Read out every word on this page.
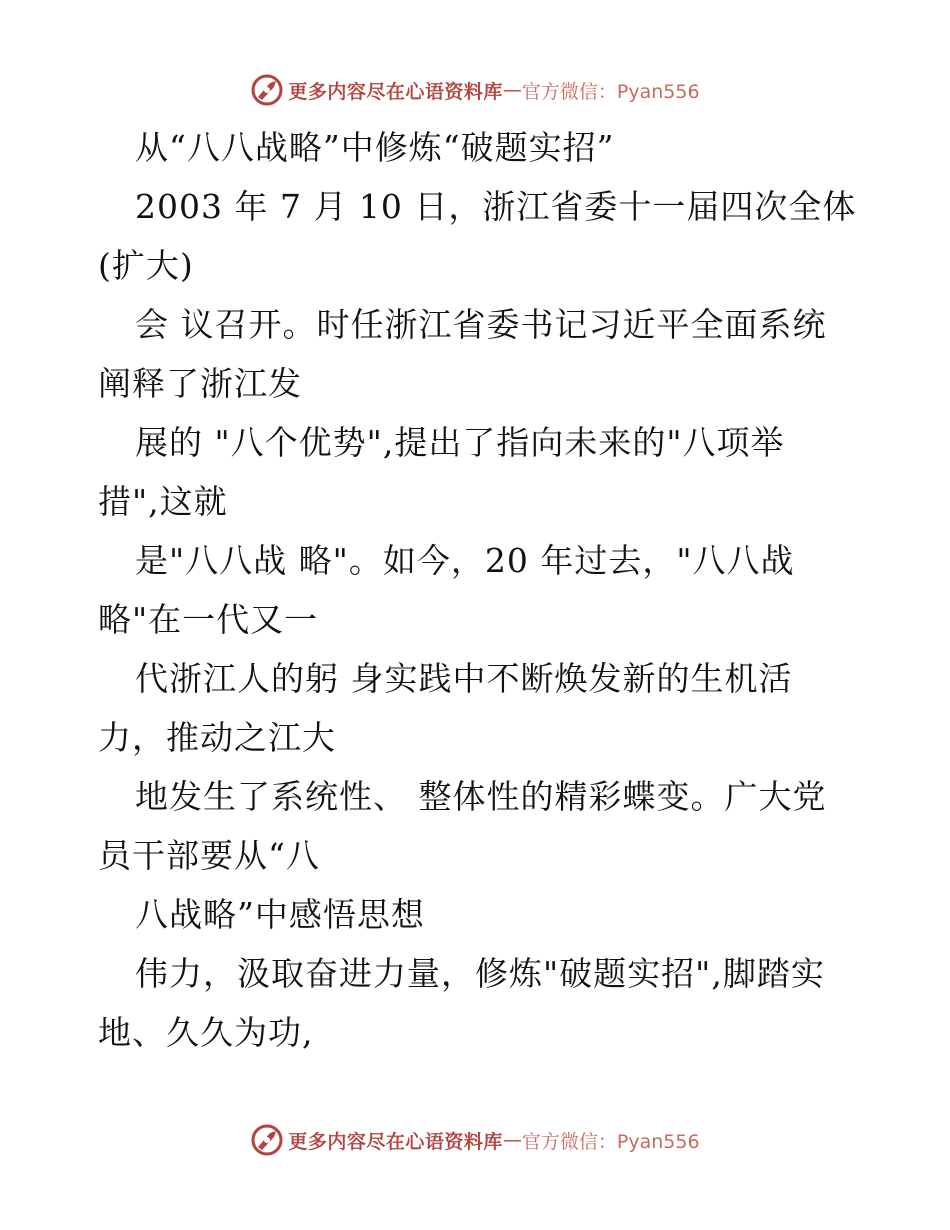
更多内容尽在心语资料库 — 官方微信：Pyan556
从“八八战略”中修炼“破题实招”
2003 年 7 月 10 日，浙江省委十一届四次全体
(扩大)
会 议召开。时任浙江省委书记习近平全面系统
阐释了浙江发
展的 "八个优势",提出了指向未来的"八项举
措",这就
是"八八战 略"。如今，20 年过去，"八八战
略"在一代又一
代浙江人的躬 身实践中不断焕发新的生机活
力，推动之江大
地发生了系统性、 整体性的精彩蝶变。广大党
员干部要从“八
八战略”中感悟思想
伟力，汲取奋进力量，修炼"破题实招",脚踏实
地、久久为功,
更多内容尽在心语资料库 — 官方微信：Pyan556
